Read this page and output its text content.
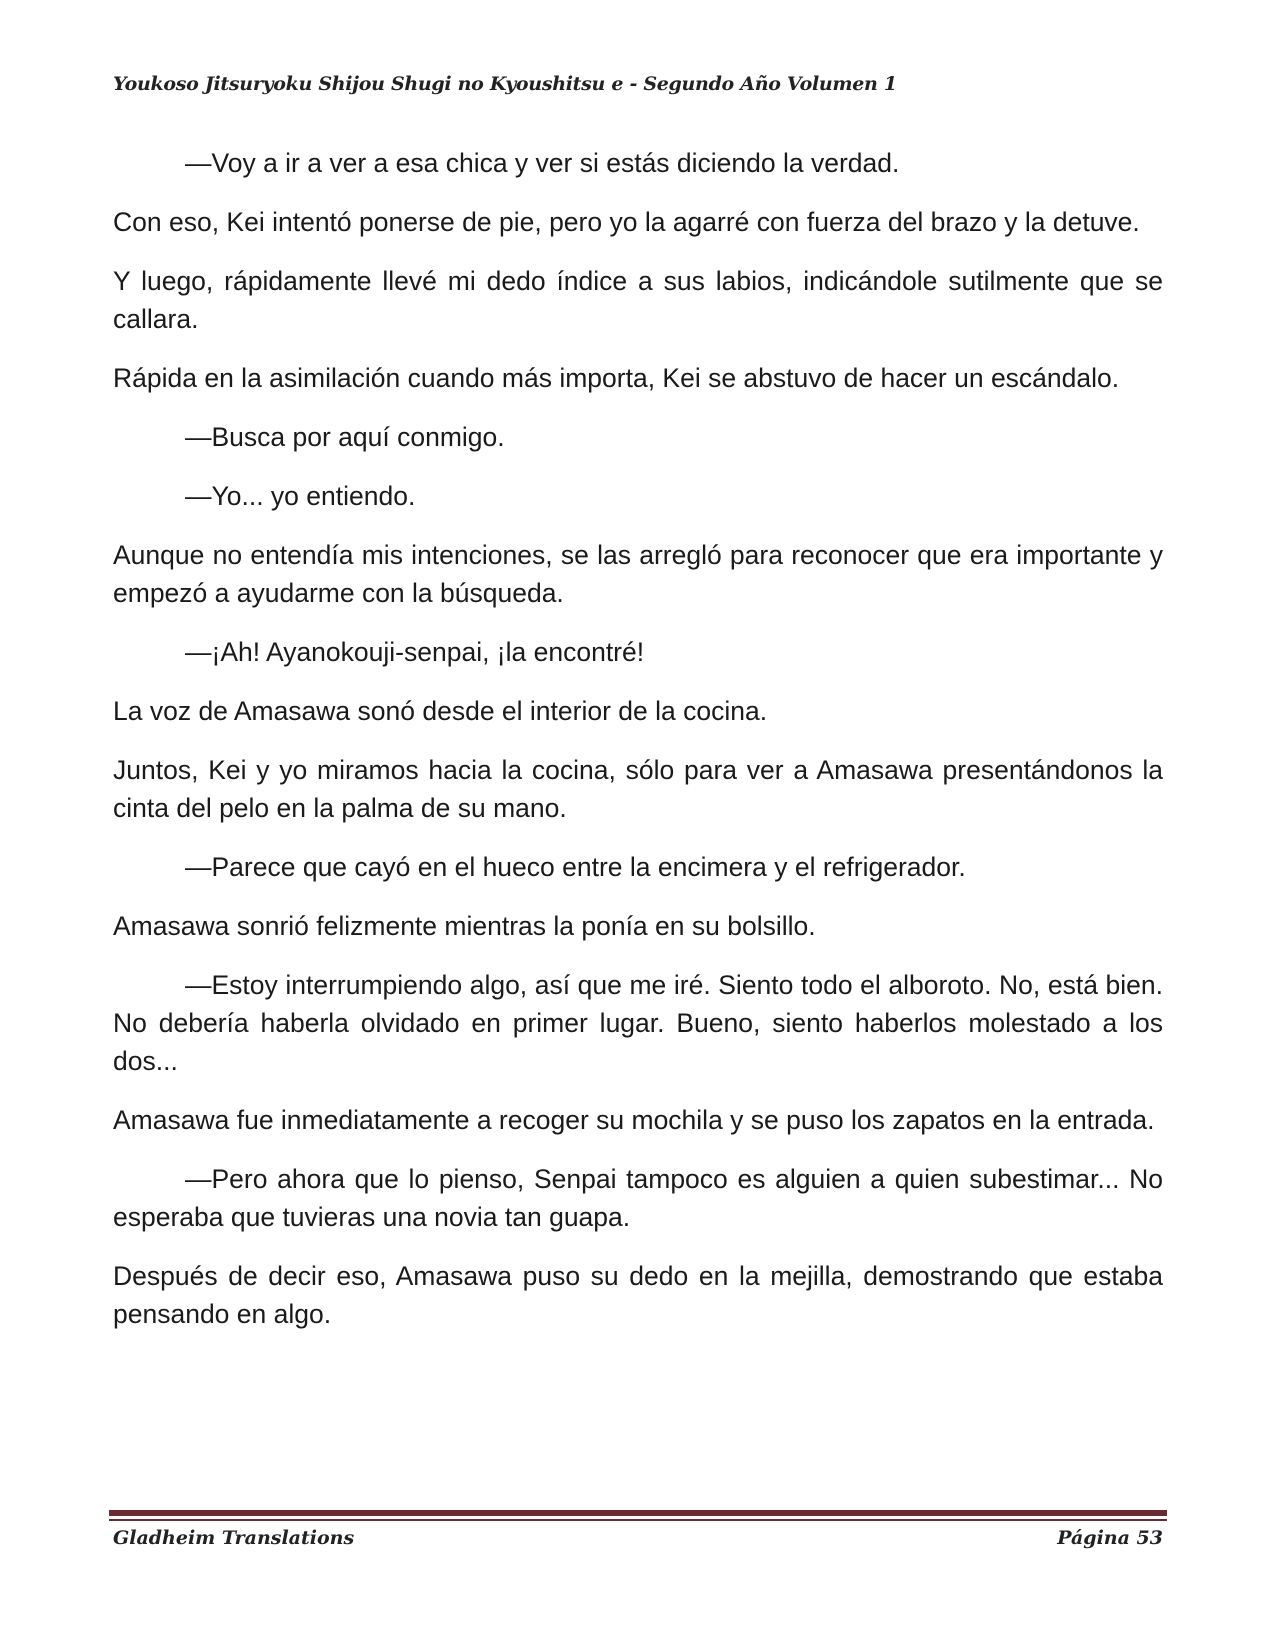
Youkoso Jitsuryoku Shijou Shugi no Kyoushitsu e - Segundo Año Volumen 1

—Voy a ir a ver a esa chica y ver si estás diciendo la verdad.

Con eso, Kei intentó ponerse de pie, pero yo la agarré con fuerza del brazo y la detuve.

Y luego, rápidamente llevé mi dedo índice a sus labios, indicándole sutilmente que se callara.

Rápida en la asimilación cuando más importa, Kei se abstuvo de hacer un escándalo.

—Busca por aquí conmigo.

—Yo... yo entiendo.

Aunque no entendía mis intenciones, se las arregló para reconocer que era importante y empezó a ayudarme con la búsqueda.

—¡Ah! Ayanokouji-senpai, ¡la encontré!

La voz de Amasawa sonó desde el interior de la cocina.

Juntos, Kei y yo miramos hacia la cocina, sólo para ver a Amasawa presentándonos la cinta del pelo en la palma de su mano.

—Parece que cayó en el hueco entre la encimera y el refrigerador.

Amasawa sonrió felizmente mientras la ponía en su bolsillo.

—Estoy interrumpiendo algo, así que me iré. Siento todo el alboroto. No, está bien. No debería haberla olvidado en primer lugar. Bueno, siento haberlos molestado a los dos...

Amasawa fue inmediatamente a recoger su mochila y se puso los zapatos en la entrada.

—Pero ahora que lo pienso, Senpai tampoco es alguien a quien subestimar... No esperaba que tuvieras una novia tan guapa.

Después de decir eso, Amasawa puso su dedo en la mejilla, demostrando que estaba pensando en algo.

Gladheim Translations	Página 53
